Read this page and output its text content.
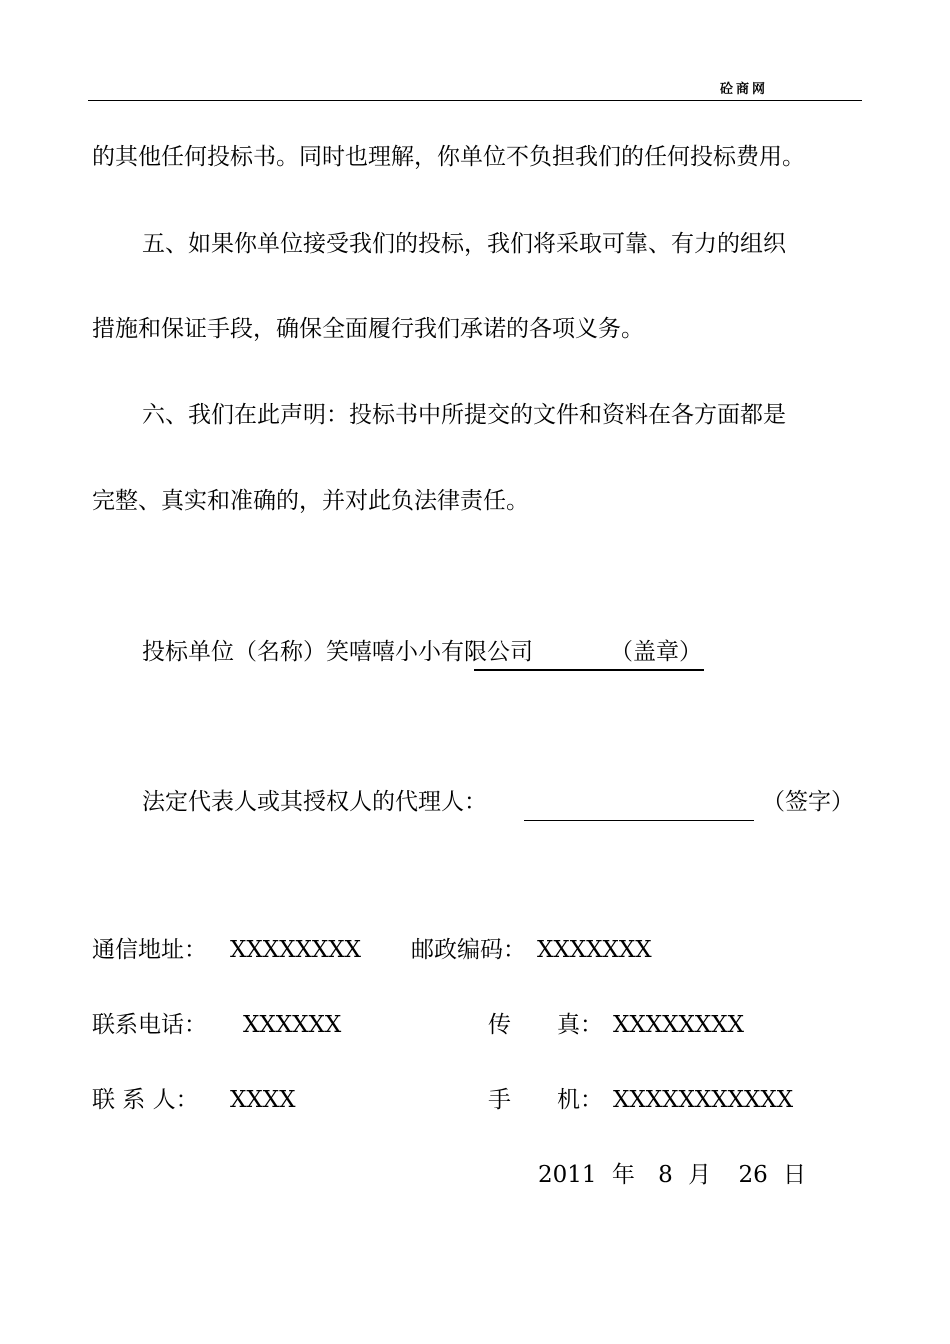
砼商网
的其他任何投标书。同时也理解，你单位不负担我们的任何投标费用。
五、如果你单位接受我们的投标，我们将采取可靠、有力的组织
措施和保证手段，确保全面履行我们承诺的各项义务。
六、我们在此声明：投标书中所提交的文件和资料在各方面都是
完整、真实和准确的，并对此负法律责任。
投标单位（名称）笑嘻嘻小小有限公司	（盖章）
法定代表人或其授权人的代理人：	（签字）
通信地址： XXXXXXXX 邮政编码： XXXXXXX
联系电话： XXXXXX	传　　真： XXXXXXXX
联 系 人： XXXX	手　　机： XXXXXXXXXXX
2011 年 8 月 26 日
